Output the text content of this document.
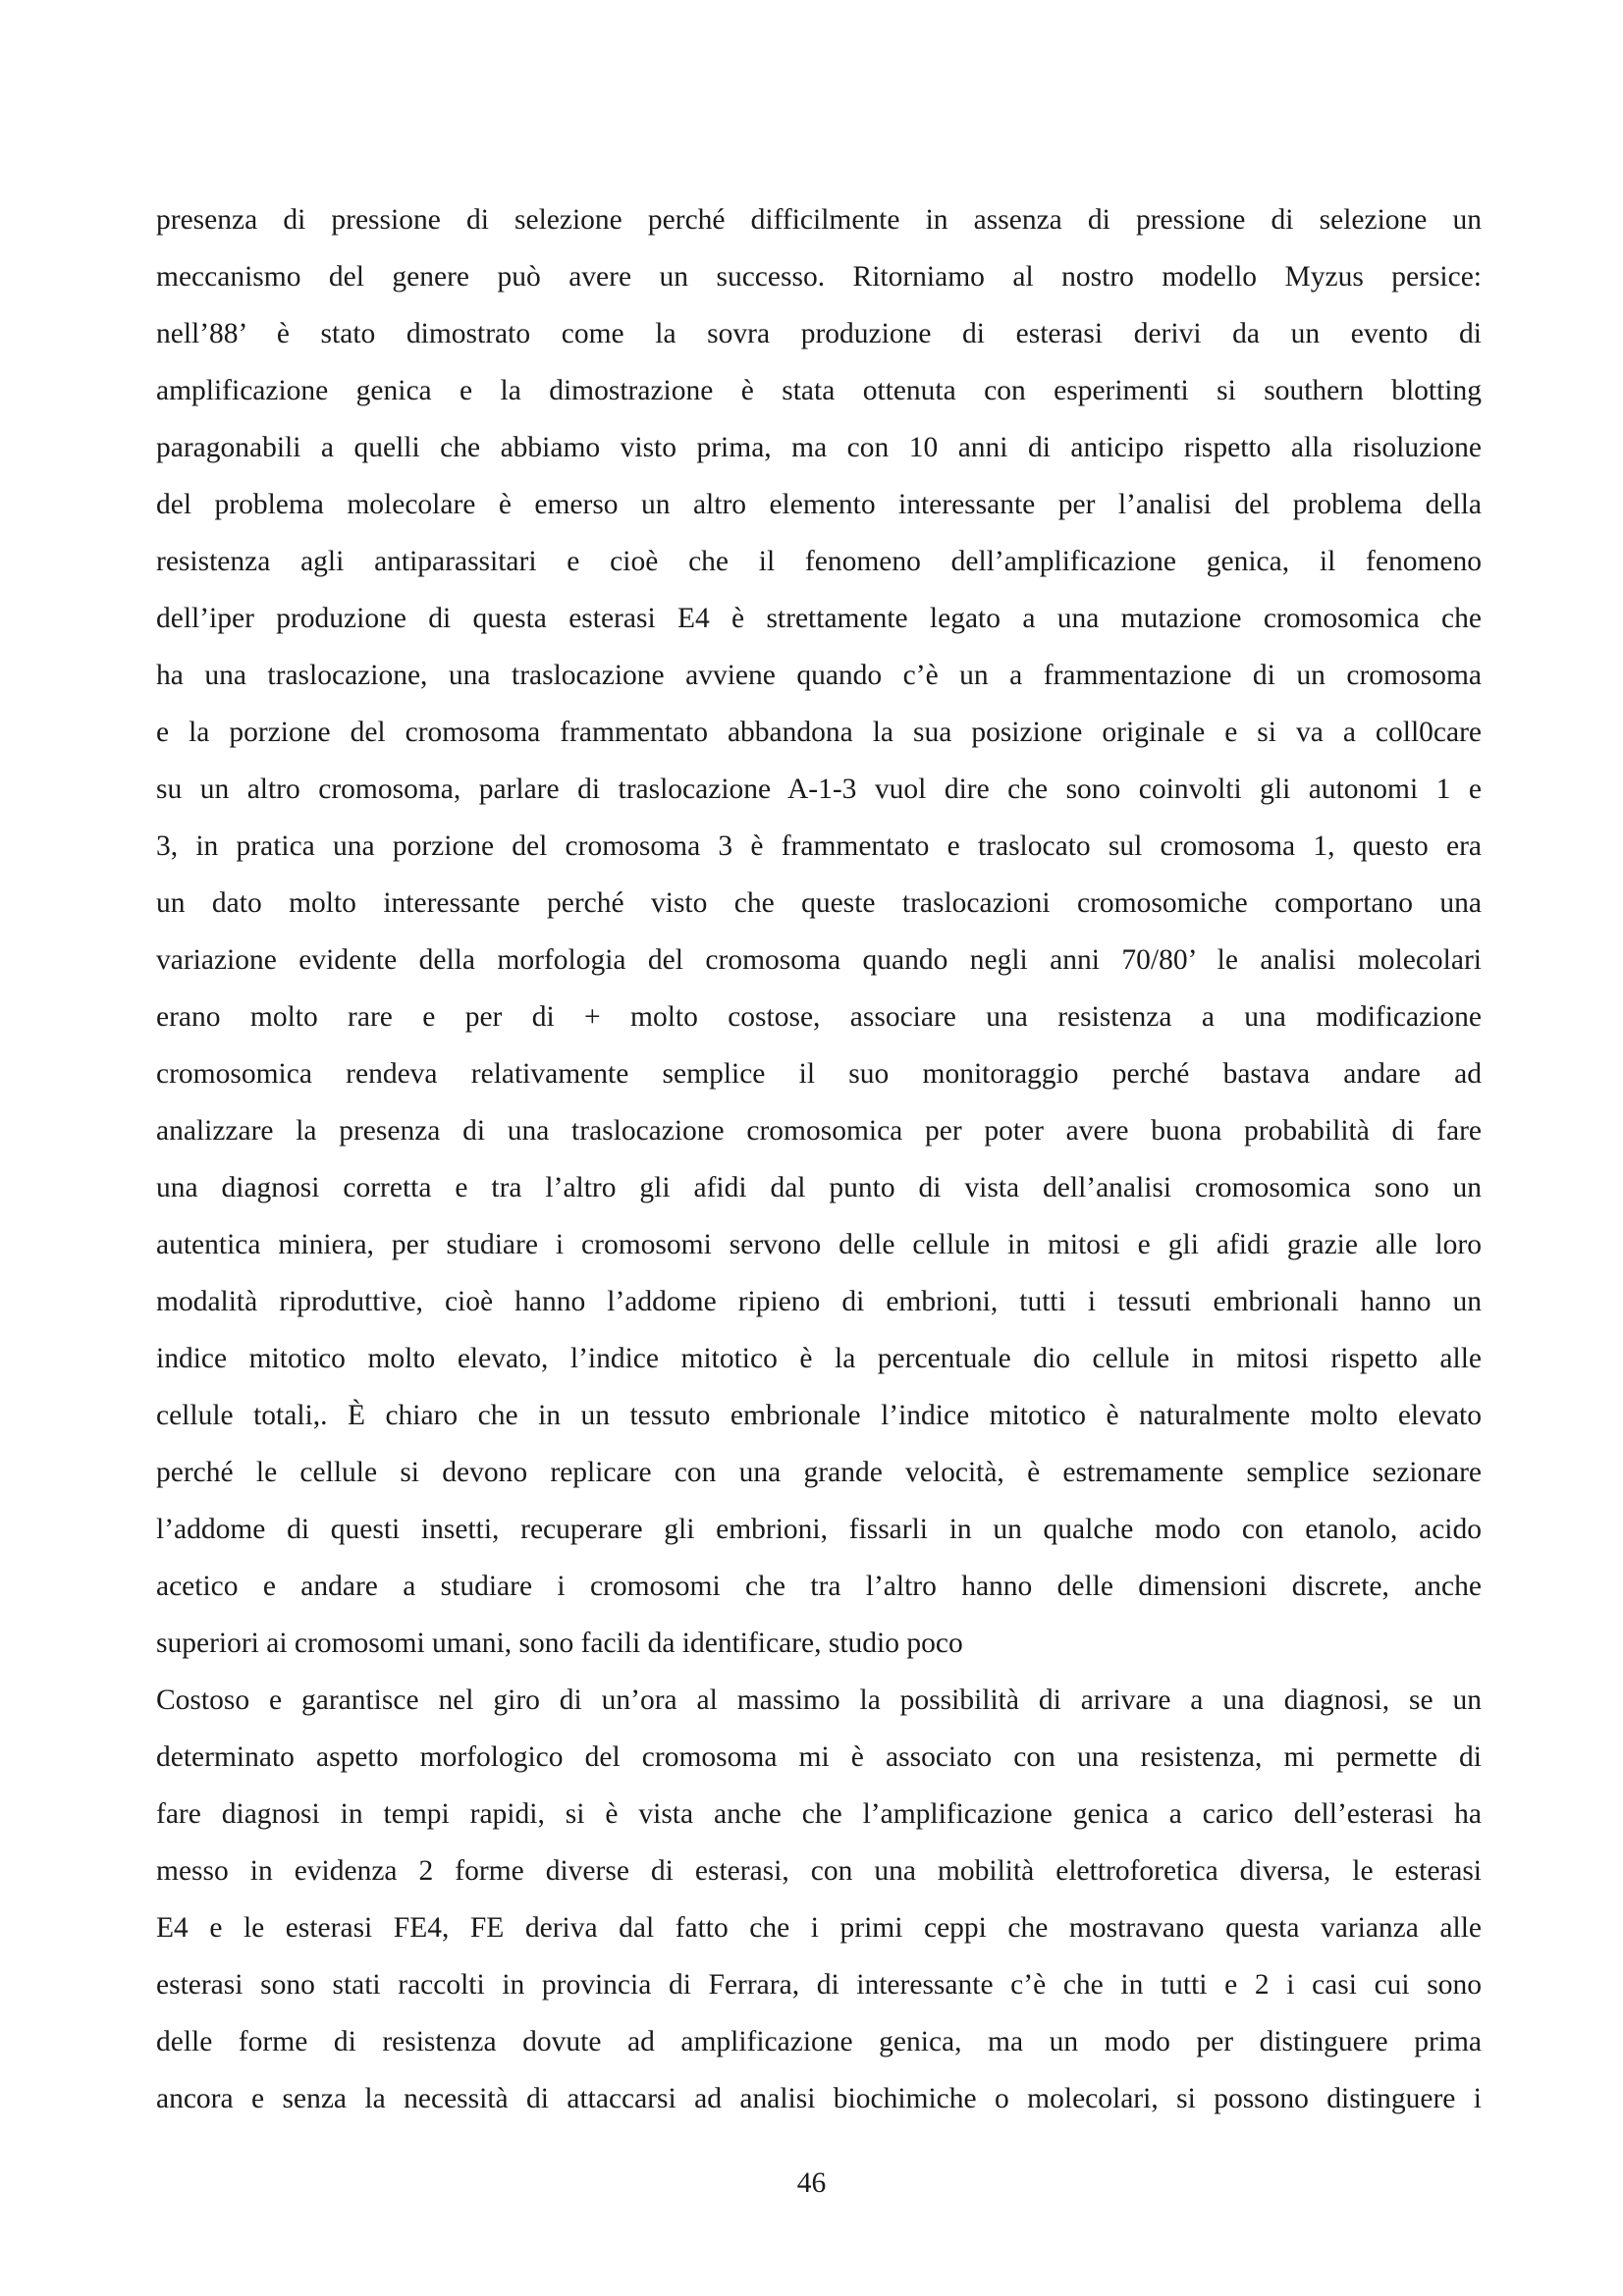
presenza di pressione di selezione perché difficilmente in assenza di pressione di selezione un
meccanismo del genere può avere un successo. Ritorniamo al nostro modello Myzus persice:
nell’88’ è stato dimostrato come la sovra produzione di esterasi derivi da un evento di
amplificazione genica e la dimostrazione è stata ottenuta con esperimenti si southern blotting
paragonabili a quelli che abbiamo visto prima, ma con 10 anni di anticipo rispetto alla risoluzione
del problema molecolare è emerso un altro elemento interessante per l’analisi del problema della
resistenza agli antiparassitari e cioè che il fenomeno dell’amplificazione genica, il fenomeno
dell’iper produzione di questa esterasi E4 è strettamente legato a una mutazione cromosomica che
ha una traslocazione, una traslocazione avviene quando c’è un a frammentazione di un cromosoma
e la porzione del cromosoma frammentato abbandona la sua posizione originale e si va a coll0care
su un altro cromosoma, parlare di traslocazione A-1-3 vuol dire che sono coinvolti gli autonomi 1 e
3, in pratica una porzione del cromosoma 3 è frammentato e traslocato sul cromosoma 1, questo era
un dato molto interessante perché visto che queste traslocazioni cromosomiche comportano una
variazione evidente della morfologia del cromosoma quando negli anni 70/80’ le analisi molecolari
erano molto rare e per di + molto costose, associare una resistenza a una modificazione
cromosomica rendeva relativamente semplice il suo monitoraggio perché bastava andare ad
analizzare la presenza di una traslocazione cromosomica per poter avere buona probabilità di fare
una diagnosi corretta e tra l’altro gli afidi dal punto di vista dell’analisi cromosomica sono un
autentica miniera, per studiare i cromosomi servono delle cellule in mitosi e gli afidi grazie alle loro
modalità riproduttive, cioè hanno l’addome ripieno di embrioni, tutti i tessuti embrionali hanno un
indice mitotico molto elevato, l’indice mitotico è la percentuale dio cellule in mitosi rispetto alle
cellule totali,. È chiaro che in un tessuto embrionale l’indice mitotico è naturalmente molto elevato
perché le cellule si devono replicare con una grande velocità, è estremamente semplice sezionare
l’addome di questi insetti, recuperare gli embrioni, fissarli in un qualche modo con etanolo, acido
acetico e andare a studiare i cromosomi che tra l’altro hanno delle dimensioni discrete, anche
superiori ai cromosomi umani, sono facili da identificare, studio poco
Costoso e garantisce nel giro di un’ora al massimo la possibilità di arrivare a una diagnosi, se un
determinato aspetto morfologico del cromosoma mi è associato con una resistenza, mi permette di
fare diagnosi in tempi rapidi, si è vista anche che l’amplificazione genica a carico dell’esterasi ha
messo in evidenza 2 forme diverse di esterasi, con una mobilità elettroforetica diversa, le esterasi
E4 e le esterasi FE4, FE deriva dal fatto che i primi ceppi che mostravano questa varianza alle
esterasi sono stati raccolti in provincia di Ferrara, di interessante c’è che in tutti e 2 i casi cui sono
delle forme di resistenza dovute ad amplificazione genica, ma un modo per distinguere prima
ancora e senza la necessità di attaccarsi ad analisi biochimiche o molecolari, si possono distinguere i
46
